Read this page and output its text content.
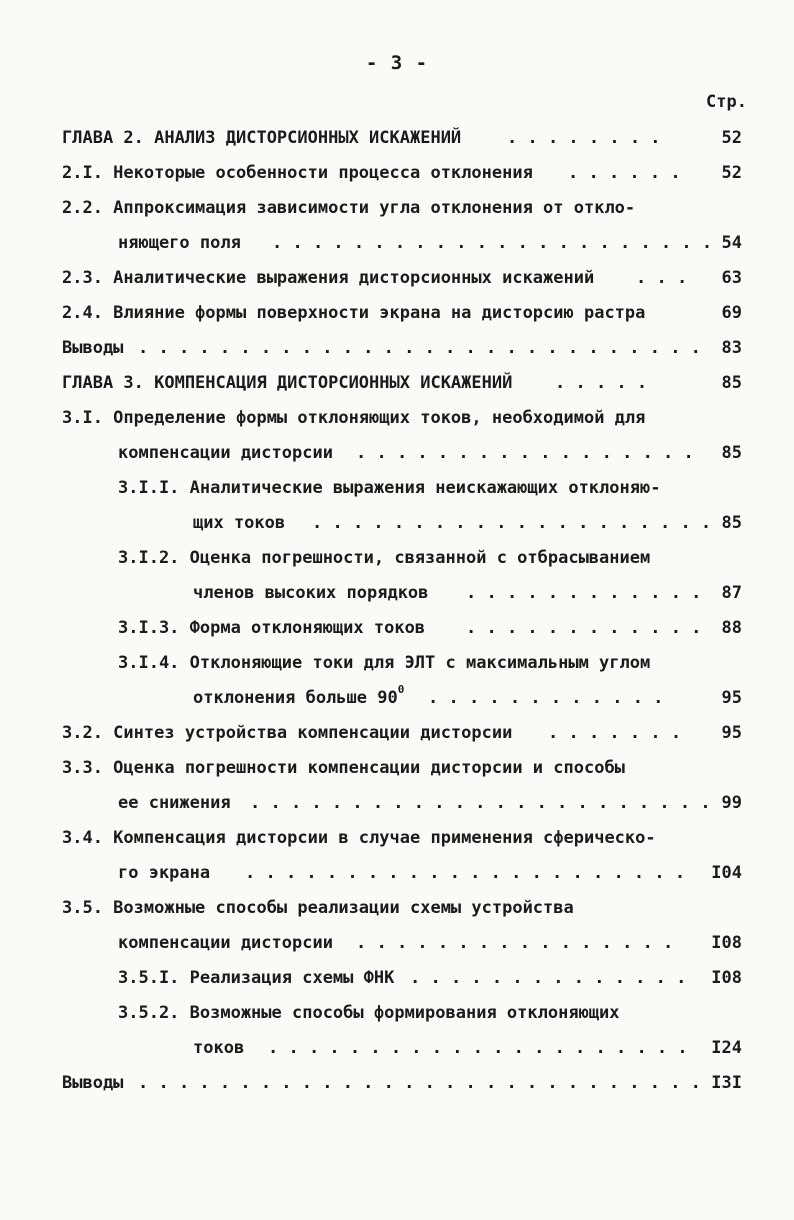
- 3 -
Стр.
ГЛАВА 2. АНАЛИЗ ДИСТОРСИОННЫХ ИСКАЖЕНИЙ	. . . . . . . .	52
2.I. Некоторые особенности процесса отклонения . . . . . . 52
2.2. Аппроксимация зависимости угла отклонения от откло-
няющего поля . . . . . . . . . . . . . . . . . . . . . . 54
2.3. Аналитические выражения дисторсионных искажений . . . 63
2.4. Влияние формы поверхности экрана на дисторсию растра	69
Выводы . . . . . . . . . . . . . . . . . . . . . . . . . . . . 83
ГЛАВА 3. КОМПЕНСАЦИЯ ДИСТОРСИОННЫХ ИСКАЖЕНИЙ	. . . . .	85
3.I. Определение формы отклоняющих токов, необходимой для
компенсации дисторсии . . . . . . . . . . . . . . . . . 85
3.I.I. Аналитические выражения неискажающих отклоняю-
щих токов . . . . . . . . . . . . . . . . . . . . 85
3.I.2. Оценка погрешности, связанной с отбрасыванием
членов высоких порядков . . . . . . . . . . . . 87
3.I.3. Форма отклоняющих токов . . . . . . . . . . . . 88
3.I.4. Отклоняющие токи для ЭЛТ с максимальным углом
отклонения больше $90^0$ . . . . . . . . . . . .	95
3.2. Синтез устройства компенсации дисторсии . . . . . . . 95
3.3. Оценка погрешности компенсации дисторсии и способы
ее снижения . . . . . . . . . . . . . . . . . . . . . . . 99
3.4. Компенсация дисторсии в случае применения сферическо-
го экрана . . . . . . . . . . . . . . . . . . . . . . I04
3.5. Возможные способы реализации схемы устройства
компенсации дисторсии . . . . . . . . . . . . . . . . I08
3.5.I. Реализация схемы ФНК . . . . . . . . . . . . . . I08
3.5.2. Возможные способы формирования отклоняющих
токов . . . . . . . . . . . . . . . . . . . . . I24
Выводы . . . . . . . . . . . . . . . . . . . . . . . . . . . . I3I
